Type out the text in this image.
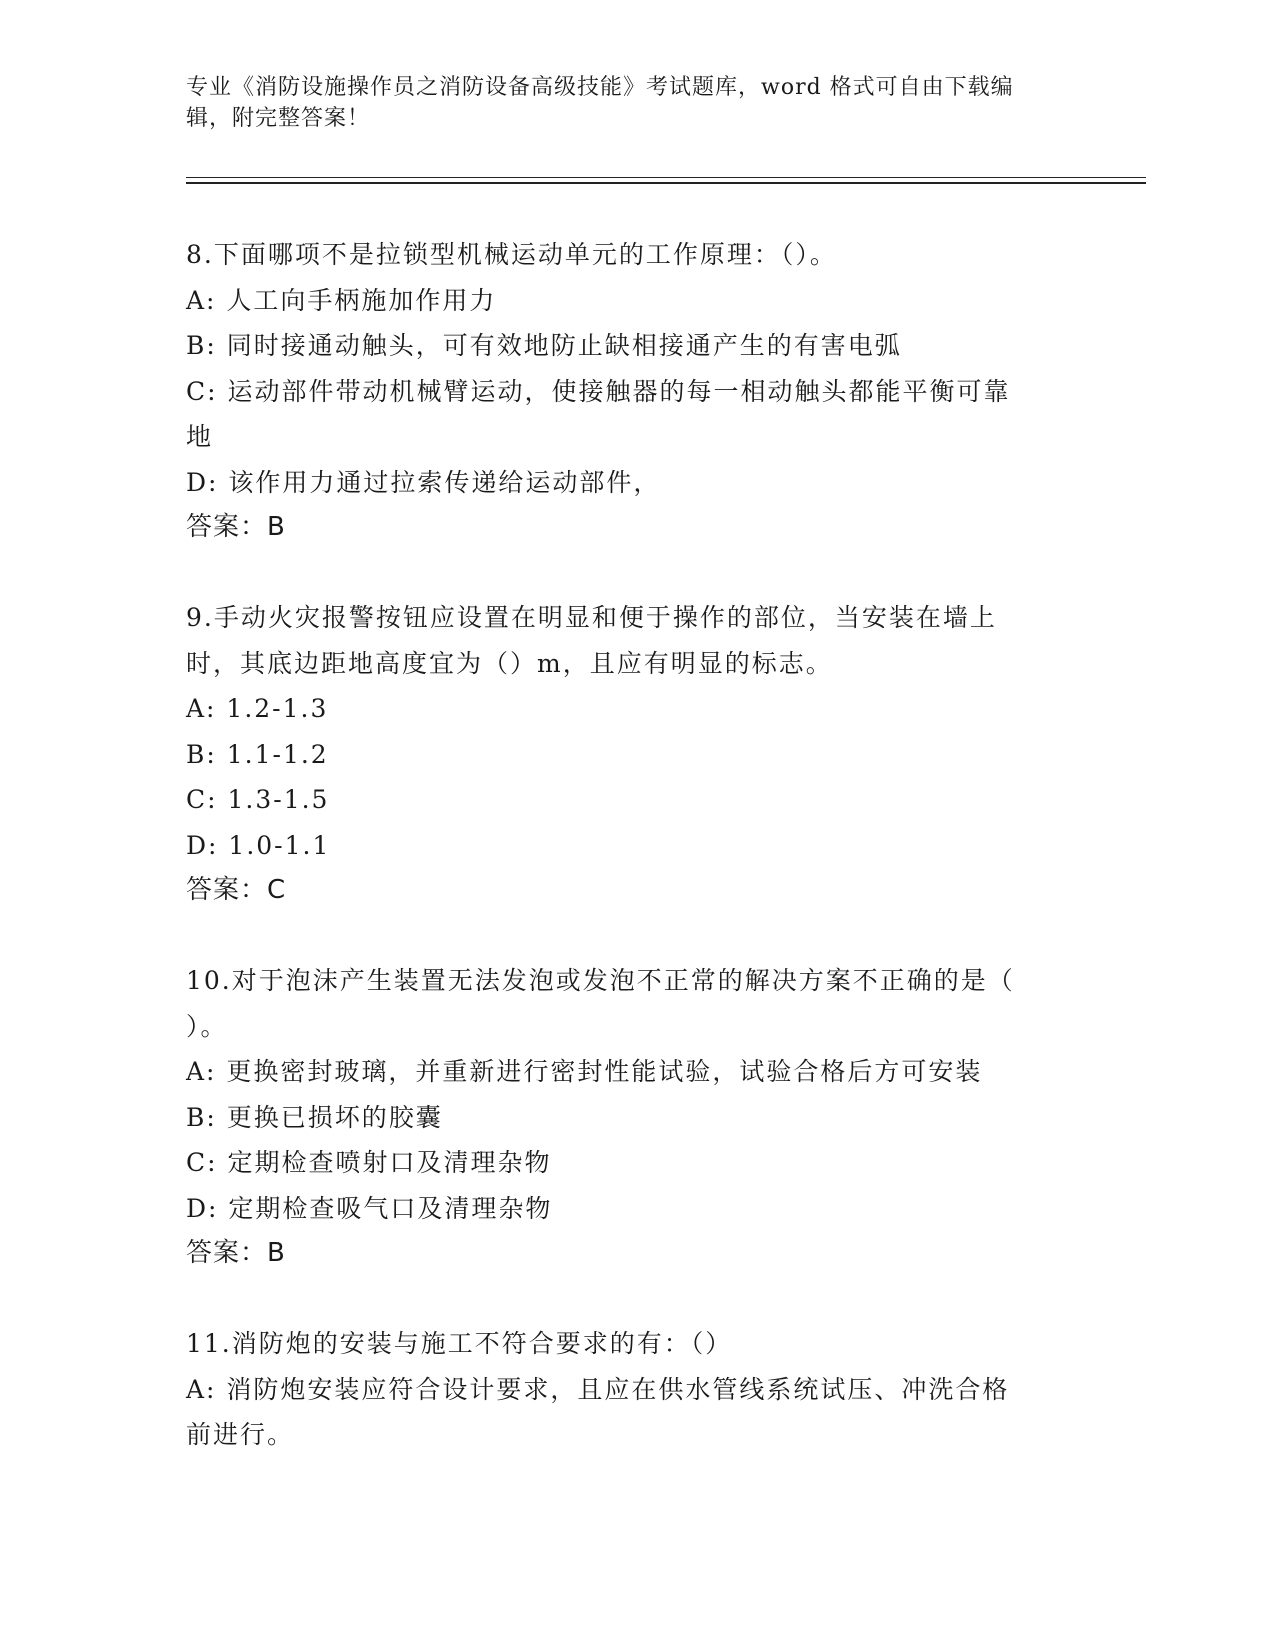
专业《消防设施操作员之消防设备高级技能》考试题库，word 格式可自由下载编
辑，附完整答案！
8.下面哪项不是拉锁型机械运动单元的工作原理：（）。
A: 人工向手柄施加作用力
B: 同时接通动触头，可有效地防止缺相接通产生的有害电弧
C: 运动部件带动机械臂运动，使接触器的每一相动触头都能平衡可靠
地
D: 该作用力通过拉索传递给运动部件，
答案：B
9.手动火灾报警按钮应设置在明显和便于操作的部位，当安装在墙上
时，其底边距地高度宜为（）m，且应有明显的标志。
A: 1.2-1.3
B: 1.1-1.2
C: 1.3-1.5
D: 1.0-1.1
答案：C
10.对于泡沫产生装置无法发泡或发泡不正常的解决方案不正确的是（
）。
A: 更换密封玻璃，并重新进行密封性能试验，试验合格后方可安装
B: 更换已损坏的胶囊
C: 定期检查喷射口及清理杂物
D: 定期检查吸气口及清理杂物
答案：B
11.消防炮的安装与施工不符合要求的有：（）
A: 消防炮安装应符合设计要求，且应在供水管线系统试压、冲洗合格
前进行。
